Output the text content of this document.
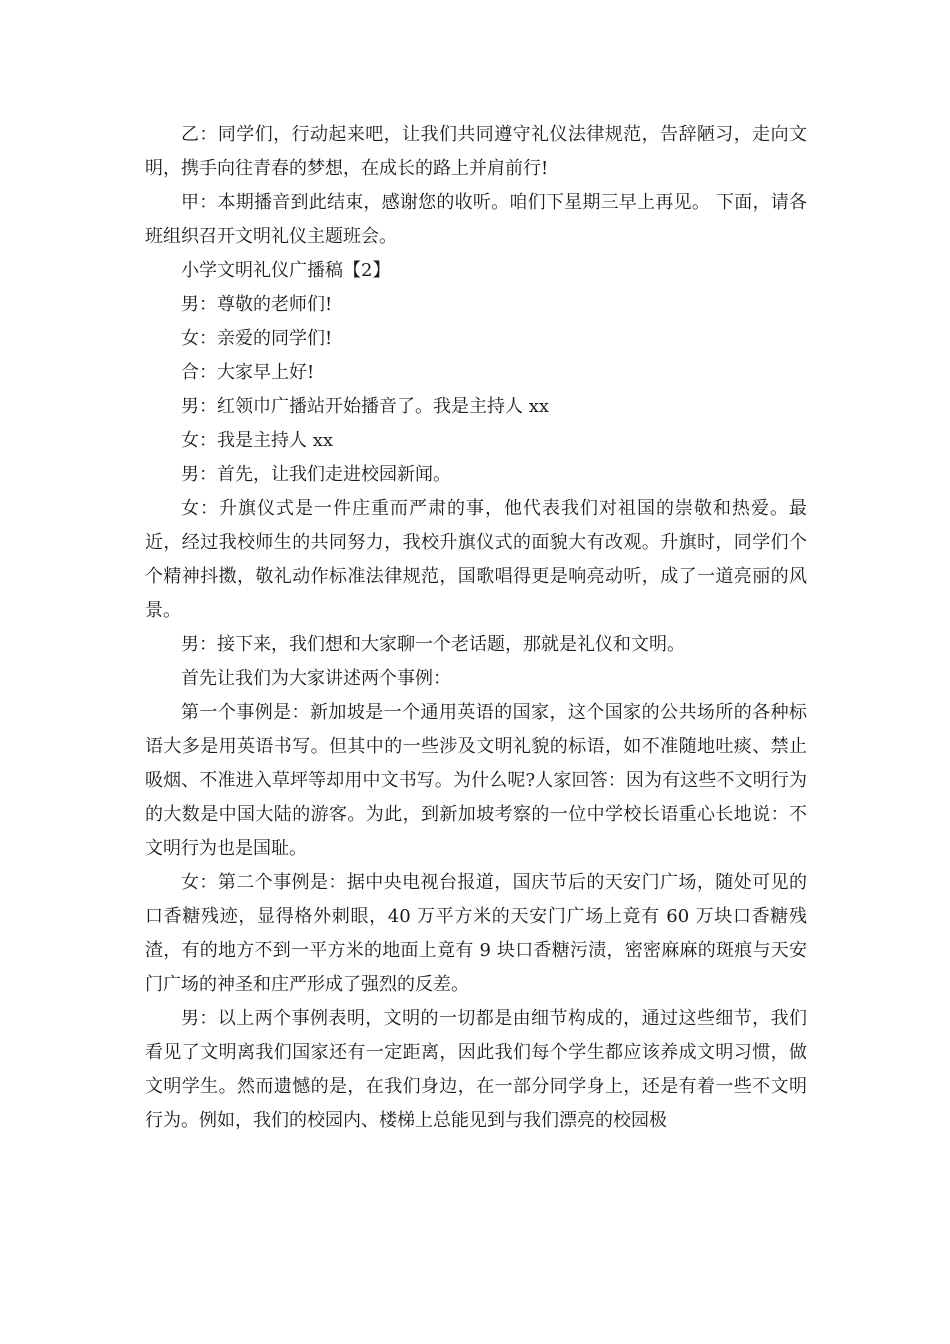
乙：同学们，行动起来吧，让我们共同遵守礼仪法律规范，告辞陋习，走向文明，携手向往青春的梦想，在成长的路上并肩前行!

甲：本期播音到此结束，感谢您的收听。咱们下星期三早上再见。 下面，请各班组织召开文明礼仪主题班会。

小学文明礼仪广播稿【2】

男：尊敬的老师们!

女：亲爱的同学们!

合：大家早上好!

男：红领巾广播站开始播音了。我是主持人 xx

女：我是主持人 xx

男：首先，让我们走进校园新闻。

女：升旗仪式是一件庄重而严肃的事，他代表我们对祖国的崇敬和热爱。最近，经过我校师生的共同努力，我校升旗仪式的面貌大有改观。升旗时，同学们个个精神抖擞，敬礼动作标准法律规范，国歌唱得更是响亮动听，成了一道亮丽的风景。

男：接下来，我们想和大家聊一个老话题，那就是礼仪和文明。

首先让我们为大家讲述两个事例：

第一个事例是：新加坡是一个通用英语的国家，这个国家的公共场所的各种标语大多是用英语书写。但其中的一些涉及文明礼貌的标语，如不准随地吐痰、禁止吸烟、不准进入草坪等却用中文书写。为什么呢?人家回答：因为有这些不文明行为的大数是中国大陆的游客。为此，到新加坡考察的一位中学校长语重心长地说：不文明行为也是国耻。

女：第二个事例是：据中央电视台报道，国庆节后的天安门广场，随处可见的口香糖残迹，显得格外刺眼，40 万平方米的天安门广场上竟有 60 万块口香糖残渣，有的地方不到一平方米的地面上竟有 9 块口香糖污渍，密密麻麻的斑痕与天安门广场的神圣和庄严形成了强烈的反差。

男：以上两个事例表明，文明的一切都是由细节构成的，通过这些细节，我们看见了文明离我们国家还有一定距离，因此我们每个学生都应该养成文明习惯，做文明学生。然而遗憾的是，在我们身边，在一部分同学身上，还是有着一些不文明行为。例如，我们的校园内、楼梯上总能见到与我们漂亮的校园极
